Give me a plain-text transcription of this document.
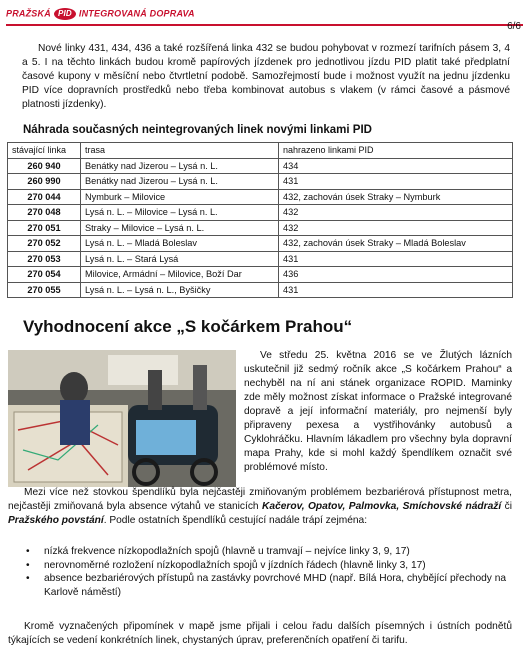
PRAŽSKÁ PID INTEGROVANÁ DOPRAVA
6/6

Nové linky 431, 434, 436 a také rozšířená linka 432 se budou pohybovat v rozmezí tarifních pásem 3, 4 a 5. I na těchto linkách budou kromě papírových jízdenek pro jednotlivou jízdu PID platit také předplatní časové kupony v měsíční nebo čtvrtletní podobě. Samozřejmostí bude i možnost využít na jednu jízdenku PID více dopravních prostředků nebo třeba kombinovat autobus s vlakem (v rámci časové a pásmové platnosti jízdenky).

Náhrada současných neintegrovaných linek novými linkami PID
stávající linka	trasa	nahrazeno linkami PID
260 940	Benátky nad Jizerou – Lysá n. L.	434
260 990	Benátky nad Jizerou – Lysá n. L.	431
270 044	Nymburk – Milovice	432, zachován úsek Straky – Nymburk
270 048	Lysá n. L. – Milovice – Lysá n. L.	432
270 051	Straky – Milovice – Lysá n. L.	432
270 052	Lysá n. L. – Mladá Boleslav	432, zachován úsek Straky – Mladá Boleslav
270 053	Lysá n. L. – Stará Lysá	431
270 054	Milovice, Armádní – Milovice, Boží Dar	436
270 055	Lysá n. L. – Lysá n. L., Byšičky	431
Vyhodnocení akce „S kočárkem Prahou“

Ve středu 25. května 2016 se ve Žlutých lázních uskutečnil již sedmý ročník akce „S kočárkem Prahou“ a nechyběl na ní ani stánek organizace ROPID. Maminky zde měly možnost získat informace o Pražské integrované dopravě a její informační materiály, pro nejmenší byly připraveny pexesa a vystřihovánky autobusů a Cyklohráčku. Hlavním lákadlem pro všechny byla dopravní mapa Prahy, kde si mohl každý špendlíkem označit své problémové místo.

Mezi více než stovkou špendlíků byla nejčastěji zmiňovaným problémem bezbariérová přístupnost metra, nejčastěji zmiňovaná byla absence výtahů ve stanicích Kačerov, Opatov, Palmovka, Smíchovské nádraží či Pražského povstání. Podle ostatních špendlíků cestující nadále trápí zejména:

• nízká frekvence nízkopodlažních spojů (hlavně u tramvají – nejvíce linky 3, 9, 17)
• nerovnoměrné rozložení nízkopodlažních spojů v jízdních řádech (hlavně linky 3, 17)
• absence bezbariérových přístupů na zastávky povrchové MHD (např. Bílá Hora, chybějící přechody na Karlově náměstí)

Kromě vyznačených připomínek v mapě jsme přijali i celou řadu dalších písemných i ústních podnětů týkajících se vedení konkrétních linek, chystaných úprav, preferenčních opatření či tarifu.
